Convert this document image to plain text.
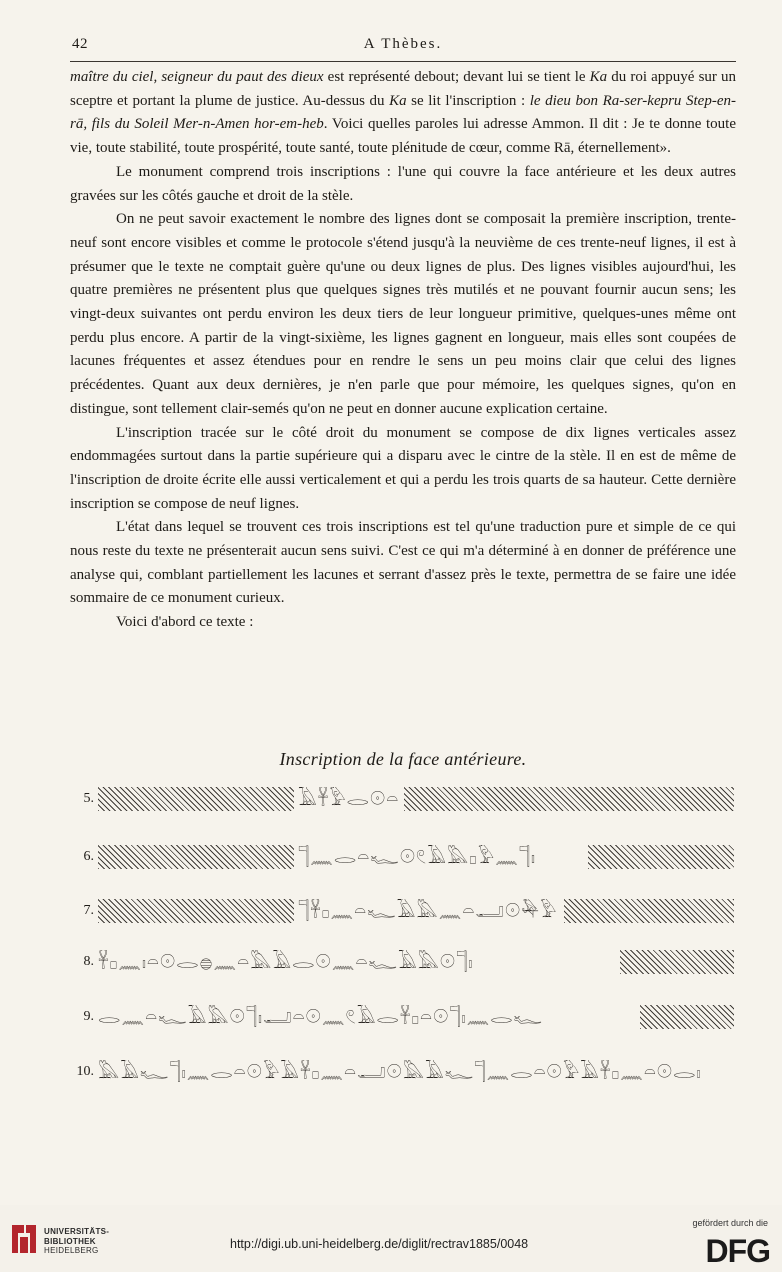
42	A Thèbes.

maître du ciel, seigneur du paut des dieux est représenté debout; devant lui se tient le Ka du roi appuyé sur un sceptre et portant la plume de justice. Au-dessus du Ka se lit l'inscription : le dieu bon Ra-ser-kepru Step-en-rā, fils du Soleil Mer-n-Amen hor-em-heb. Voici quelles paroles lui adresse Ammon. Il dit : Je te donne toute vie, toute stabilité, toute prospérité, toute santé, toute plénitude de cœur, comme Rā, éternellement».

Le monument comprend trois inscriptions : l'une qui couvre la face antérieure et les deux autres gravées sur les côtés gauche et droit de la stèle.

On ne peut savoir exactement le nombre des lignes dont se composait la première inscription, trente-neuf sont encore visibles et comme le protocole s'étend jusqu'à la neuvième de ces trente-neuf lignes, il est à présumer que le texte ne comptait guère qu'une ou deux lignes de plus. Des lignes visibles aujourd'hui, les quatre premières ne présentent plus que quelques signes très mutilés et ne pouvant fournir aucun sens; les vingt-deux suivantes ont perdu environ les deux tiers de leur longueur primitive, quelques-unes même ont perdu plus encore. A partir de la vingt-sixième, les lignes gagnent en longueur, mais elles sont coupées de lacunes fréquentes et assez étendues pour en rendre le sens un peu moins clair que celui des lignes précédentes. Quant aux deux dernières, je n'en parle que pour mémoire, les quelques signes, qu'on en distingue, sont tellement clair-semés qu'on ne peut en donner aucune explication certaine.

L'inscription tracée sur le côté droit du monument se compose de dix lignes verticales assez endommagées surtout dans la partie supérieure qui a disparu avec le cintre de la stèle. Il en est de même de l'inscription de droite écrite elle aussi verticalement et qui a perdu les trois quarts de sa hauteur. Cette dernière inscription se compose de neuf lignes.

L'état dans lequel se trouvent ces trois inscriptions est tel qu'une traduction pure et simple de ce qui nous reste du texte ne présenterait aucun sens suivi. C'est ce qui m'a déterminé à en donner de préférence une analyse qui, comblant partiellement les lacunes et serrant d'assez près le texte, permettra de se faire une idée sommaire de ce monument curieux.

Voici d'abord ce texte :

Inscription de la face antérieure.
5.	𓄿𓋹𓅱𓂋𓇳𓏏
6.	𓊹𓈖𓂋𓏏𓆑𓇳𓏲𓄿𓅓𓊪𓅱𓈖𓊹𓏤
7.	𓊹𓋹𓊪𓈖𓏏𓆑𓄿𓅓𓈖𓏏𓂝𓇳𓅆𓅱
8. 𓋹𓊪𓈖𓏤𓏏𓇳𓂋𓐍𓈖𓏏𓅓𓄿𓂋𓇳𓈖𓏏𓆑𓄿𓅓𓇳𓊹𓏤
9. 𓂋𓈖𓏏𓆑𓄿𓅓𓇳𓊹𓏤𓂝𓏏𓇳𓈖𓏲𓄿𓂋𓋹𓊪𓏏𓇳𓊹𓏤𓈖𓂋𓆑
10. 𓅓𓄿𓆑𓊹𓏤𓈖𓂋𓏏𓇳𓅱𓄿𓋹𓊪𓈖𓏏𓂝𓇳𓅓𓄿𓆑𓊹𓈖𓂋𓏏𓇳𓅱𓄿𓋹𓊪𓈖𓏏𓇳𓂋𓏤
UNIVERSITÄTS-
BIBLIOTHEK
HEIDELBERG	http://digi.ub.uni-heidelberg.de/diglit/rectrav1885/0048
gefördert durch die
DFG
